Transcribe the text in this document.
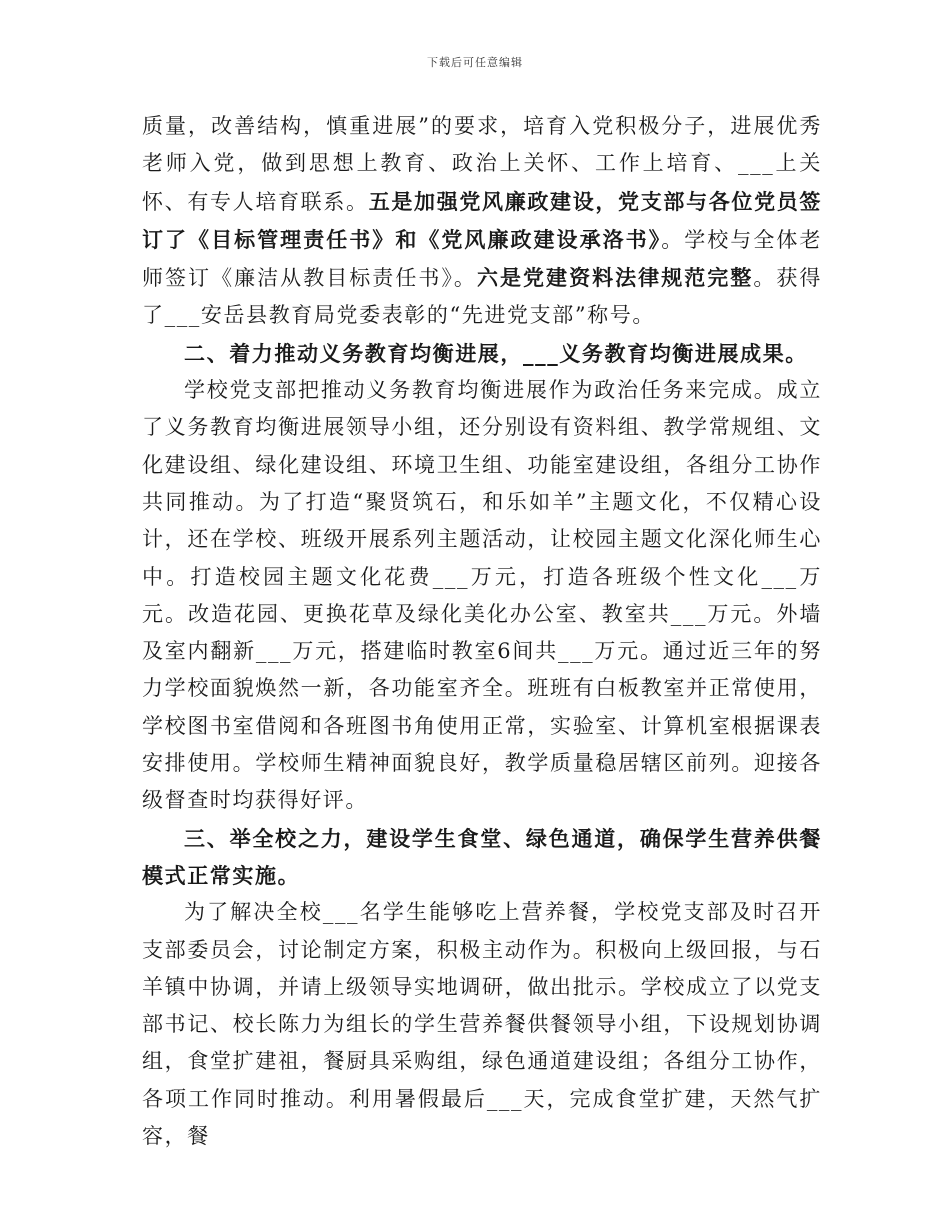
下载后可任意编辑

质量，改善结构，慎重进展”的要求，培育入党积极分子，进展优秀老师入党，做到思想上教育、政治上关怀、工作上培育、___上关怀、有专人培育联系。五是加强党风廉政建设，党支部与各位党员签订了《目标管理责任书》和《党风廉政建设承洛书》。学校与全体老师签订《廉洁从教目标责任书》。六是党建资料法律规范完整。获得了___安岳县教育局党委表彰的“先进党支部”称号。

二、着力推动义务教育均衡进展，___义务教育均衡进展成果。

学校党支部把推动义务教育均衡进展作为政治任务来完成。成立了义务教育均衡进展领导小组，还分别设有资料组、教学常规组、文化建设组、绿化建设组、环境卫生组、功能室建设组，各组分工协作共同推动。为了打造“聚贤筑石，和乐如羊”主题文化，不仅精心设计，还在学校、班级开展系列主题活动，让校园主题文化深化师生心中。打造校园主题文化花费___万元，打造各班级个性文化___万元。改造花园、更换花草及绿化美化办公室、教室共___万元。外墙及室内翻新___万元，搭建临时教室6间共___万元。通过近三年的努力学校面貌焕然一新，各功能室齐全。班班有白板教室并正常使用，学校图书室借阅和各班图书角使用正常，实验室、计算机室根据课表安排使用。学校师生精神面貌良好，教学质量稳居辖区前列。迎接各级督查时均获得好评。

三、举全校之力，建设学生食堂、绿色通道，确保学生营养供餐模式正常实施。

为了解决全校___名学生能够吃上营养餐，学校党支部及时召开支部委员会，讨论制定方案，积极主动作为。积极向上级回报，与石羊镇中协调，并请上级领导实地调研，做出批示。学校成立了以党支部书记、校长陈力为组长的学生营养餐供餐领导小组，下设规划协调组，食堂扩建祖，餐厨具采购组，绿色通道建设组；各组分工协作，各项工作同时推动。利用暑假最后___天，完成食堂扩建，天然气扩容，餐
